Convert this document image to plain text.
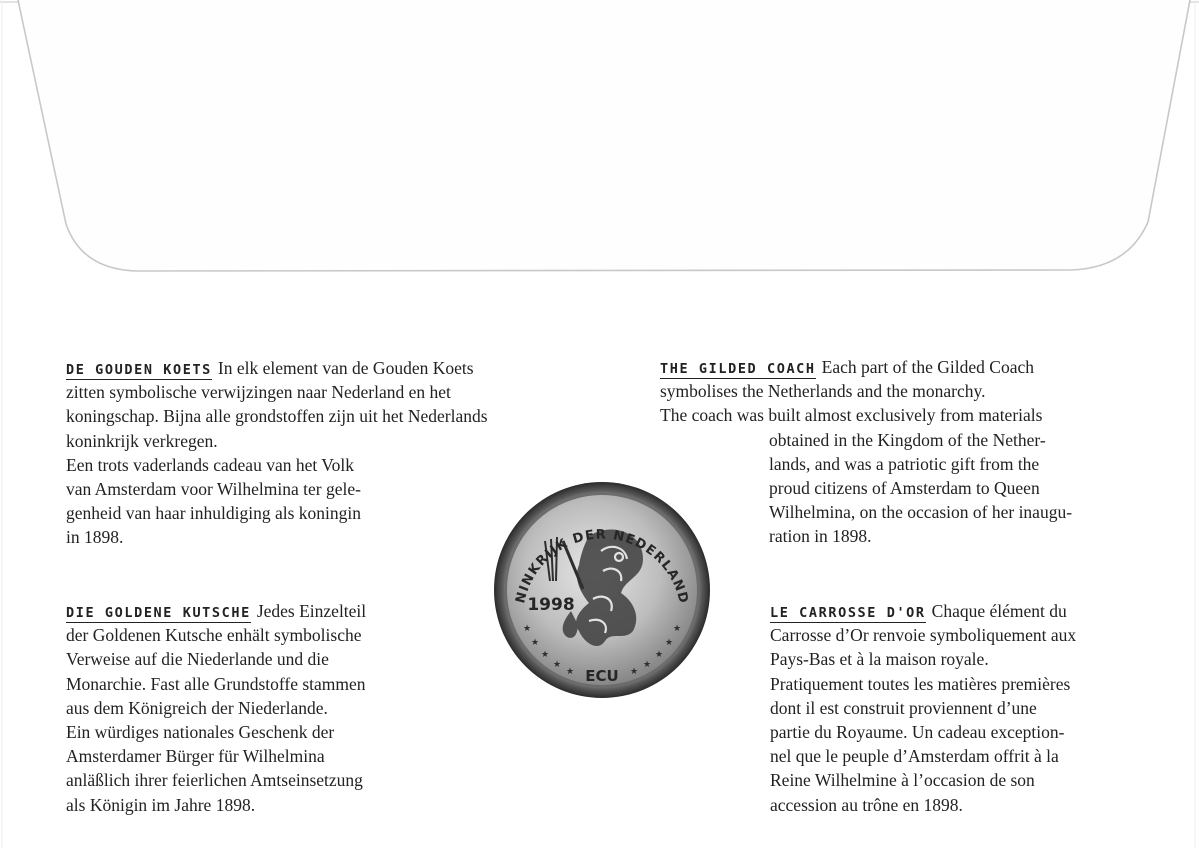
DE GOUDEN KOETS In elk element van de Gouden Koets
zitten symbolische verwijzingen naar Nederland en het
koningschap. Bijna alle grondstoffen zijn uit het Nederlands
koninkrijk verkregen.
Een trots vaderlands cadeau van het Volk
van Amsterdam voor Wilhelmina ter gele-
genheid van haar inhuldiging als koningin
in 1898.
THE GILDED COACH Each part of the Gilded Coach
symbolises the Netherlands and the monarchy.
The coach was built almost exclusively from materials
obtained in the Kingdom of the Nether-
lands, and was a patriotic gift from the
proud citizens of Amsterdam to Queen
Wilhelmina, on the occasion of her inaugu-
ration in 1898.
DIE GOLDENE KUTSCHE Jedes Einzelteil
der Goldenen Kutsche enhält symbolische
Verweise auf die Niederlande und die
Monarchie. Fast alle Grundstoffe stammen
aus dem Königreich der Niederlande.
Ein würdiges nationales Geschenk der
Amsterdamer Bürger für Wilhelmina
anläßlich ihrer feierlichen Amtseinsetzung
als Königin im Jahre 1898.
LE CARROSSE D'OR Chaque élément du
Carrosse d’Or renvoie symboliquement aux
Pays-Bas et à la maison royale.
Pratiquement toutes les matières premières
dont il est construit proviennent d’une
partie du Royaume. Un cadeau exception-
nel que le peuple d’Amsterdam offrit à la
Reine Wilhelmine à l’occasion de son
accession au trône en 1898.
NINKRIJK DER NEDERLAND
1998
ECU
★
★
★
★
★	★
★
★
★
★
